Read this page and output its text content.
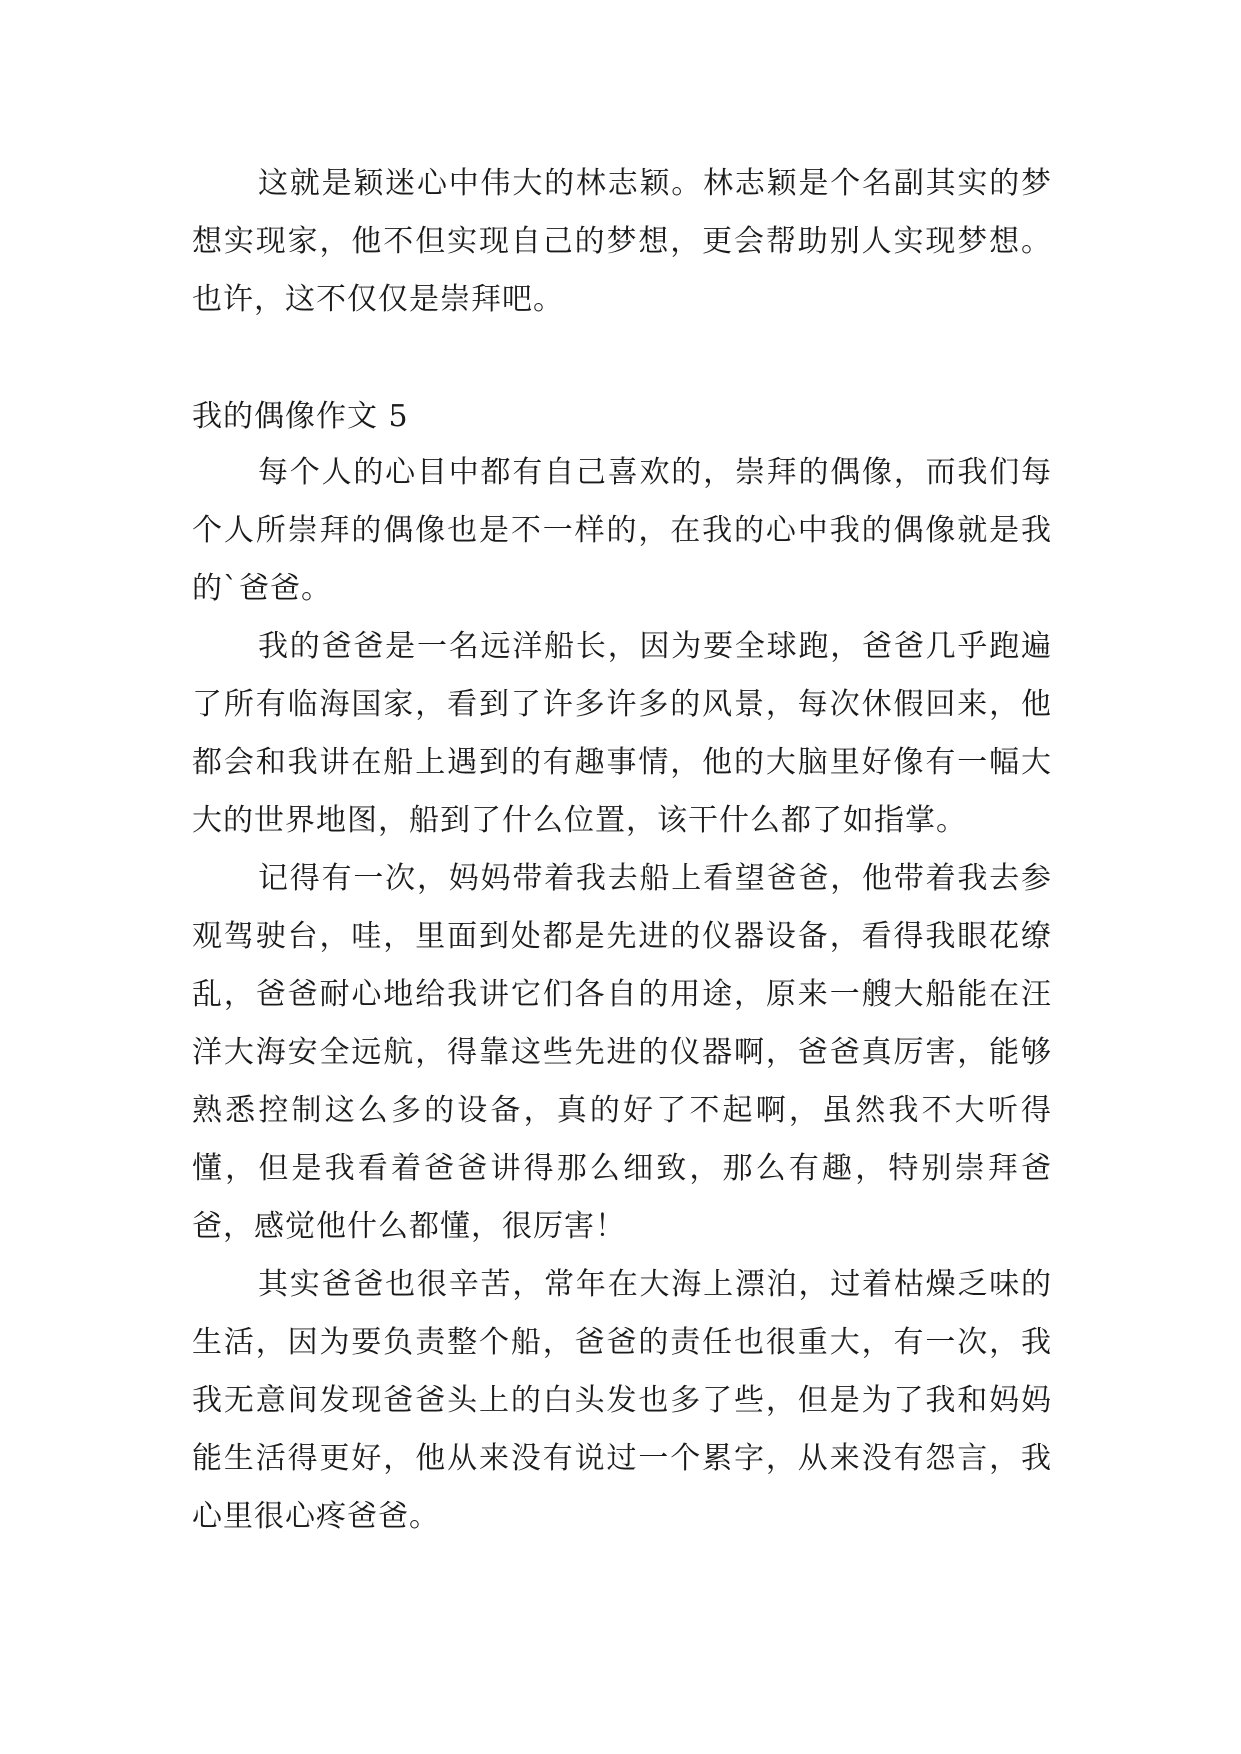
这就是颖迷心中伟大的林志颖。林志颖是个名副其实的梦想实现家，他不但实现自己的梦想，更会帮助别人实现梦想。也许，这不仅仅是崇拜吧。

我的偶像作文 5

每个人的心目中都有自己喜欢的，崇拜的偶像，而我们每个人所崇拜的偶像也是不一样的，在我的心中我的偶像就是我的`爸爸。

我的爸爸是一名远洋船长，因为要全球跑，爸爸几乎跑遍了所有临海国家，看到了许多许多的风景，每次休假回来，他都会和我讲在船上遇到的有趣事情，他的大脑里好像有一幅大大的世界地图，船到了什么位置，该干什么都了如指掌。

记得有一次，妈妈带着我去船上看望爸爸，他带着我去参观驾驶台，哇，里面到处都是先进的仪器设备，看得我眼花缭乱，爸爸耐心地给我讲它们各自的用途，原来一艘大船能在汪洋大海安全远航，得靠这些先进的仪器啊，爸爸真厉害，能够熟悉控制这么多的设备，真的好了不起啊，虽然我不大听得懂，但是我看着爸爸讲得那么细致，那么有趣，特别崇拜爸爸，感觉他什么都懂，很厉害！

其实爸爸也很辛苦，常年在大海上漂泊，过着枯燥乏味的生活，因为要负责整个船，爸爸的责任也很重大，有一次，我我无意间发现爸爸头上的白头发也多了些，但是为了我和妈妈能生活得更好，他从来没有说过一个累字，从来没有怨言，我心里很心疼爸爸。
